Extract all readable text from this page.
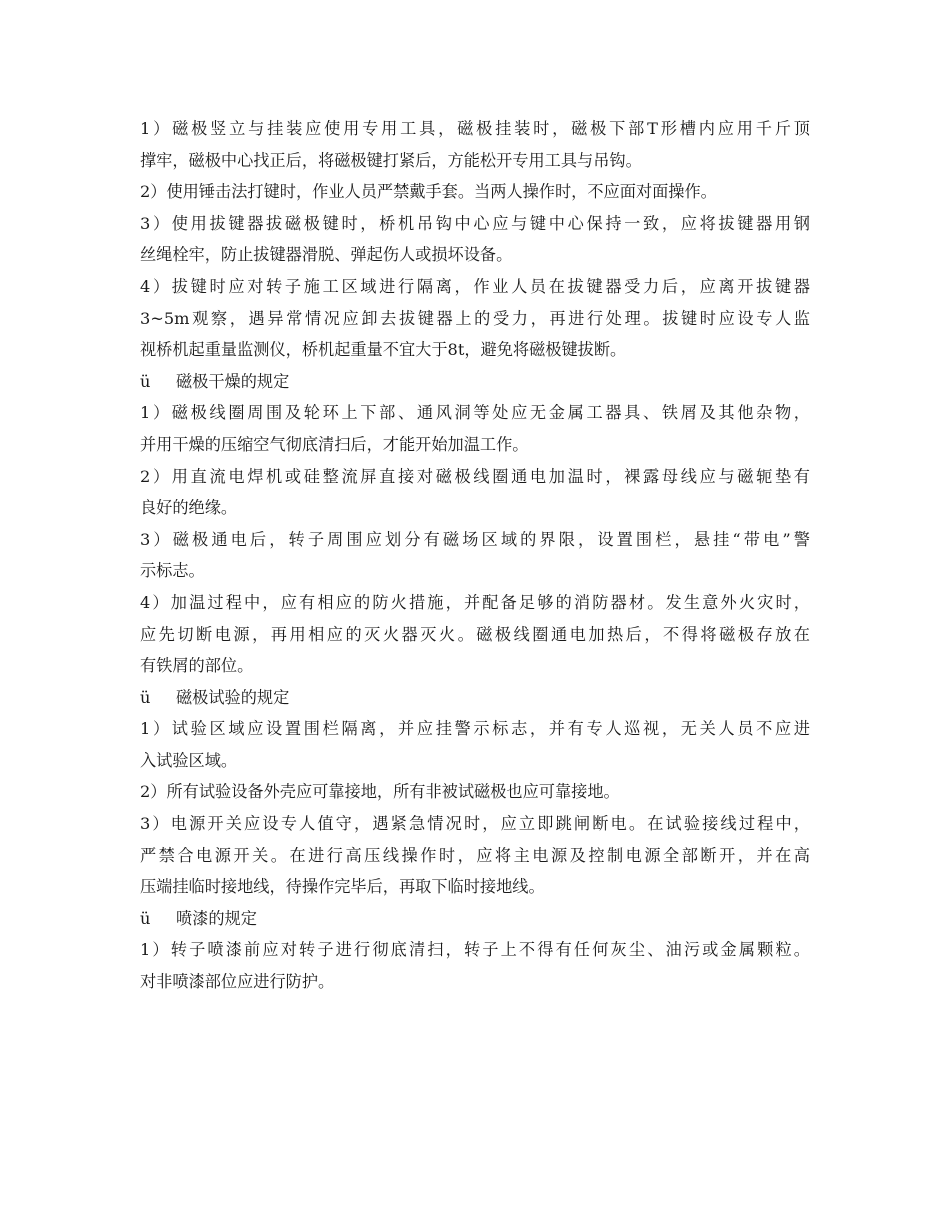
1）磁极竖立与挂装应使用专用工具，磁极挂装时，磁极下部T形槽内应用千斤顶
撑牢，磁极中心找正后，将磁极键打紧后，方能松开专用工具与吊钩。
2）使用锤击法打键时，作业人员严禁戴手套。当两人操作时，不应面对面操作。
3）使用拔键器拔磁极键时，桥机吊钩中心应与键中心保持一致，应将拔键器用钢
丝绳栓牢，防止拔键器滑脱、弹起伤人或损坏设备。
4）拔键时应对转子施工区域进行隔离，作业人员在拔键器受力后，应离开拔键器
3~5m观察，遇异常情况应卸去拔键器上的受力，再进行处理。拔键时应设专人监
视桥机起重量监测仪，桥机起重量不宜大于8t，避免将磁极键拔断。
ü	磁极干燥的规定
1）磁极线圈周围及轮环上下部、通风洞等处应无金属工器具、铁屑及其他杂物，
并用干燥的压缩空气彻底清扫后，才能开始加温工作。
2）用直流电焊机或硅整流屏直接对磁极线圈通电加温时，裸露母线应与磁轭垫有
良好的绝缘。
3）磁极通电后，转子周围应划分有磁场区域的界限，设置围栏，悬挂“带电”警
示标志。
4）加温过程中，应有相应的防火措施，并配备足够的消防器材。发生意外火灾时，
应先切断电源，再用相应的灭火器灭火。磁极线圈通电加热后，不得将磁极存放在
有铁屑的部位。
ü	磁极试验的规定
1）试验区域应设置围栏隔离，并应挂警示标志，并有专人巡视，无关人员不应进
入试验区域。
2）所有试验设备外壳应可靠接地，所有非被试磁极也应可靠接地。
3）电源开关应设专人值守，遇紧急情况时，应立即跳闸断电。在试验接线过程中，
严禁合电源开关。在进行高压线操作时，应将主电源及控制电源全部断开，并在高
压端挂临时接地线，待操作完毕后，再取下临时接地线。
ü	喷漆的规定
1）转子喷漆前应对转子进行彻底清扫，转子上不得有任何灰尘、油污或金属颗粒。
对非喷漆部位应进行防护。
